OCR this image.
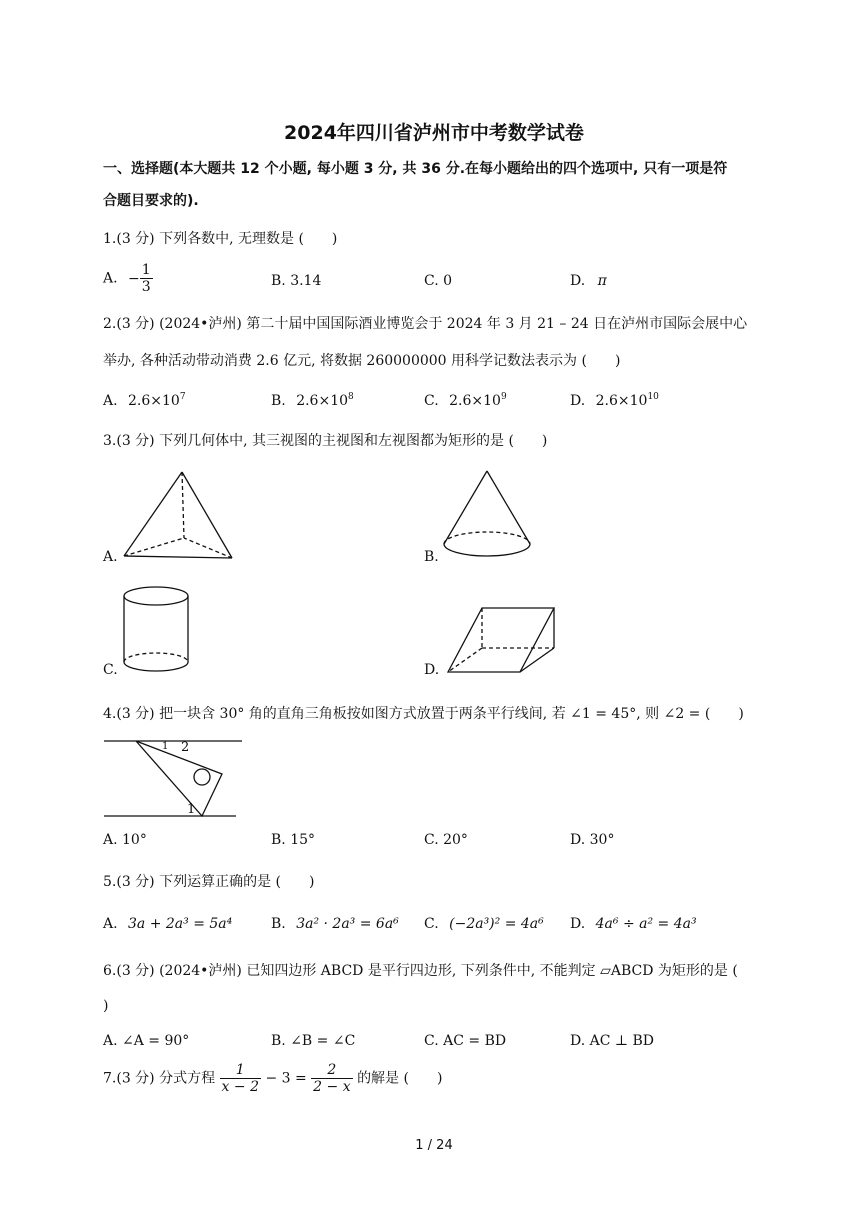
2024年四川省泸州市中考数学试卷
一、选择题(本大题共 12 个小题, 每小题 3 分, 共 36 分.在每小题给出的四个选项中, 只有一项是符
合题目要求的).
1.(3 分) 下列各数中, 无理数是 (　　)
A. − $\frac{1}{3}$	B. 3.14	C. 0	D. π
2.(3 分) (2024•泸州) 第二十届中国国际酒业博览会于 2024 年 3 月 21 – 24 日在泸州市国际会展中心
举办, 各种活动带动消费 2.6 亿元, 将数据 260000000 用科学记数法表示为 (　　)
A. $2.6\times 10^7$	B. $2.6\times 10^8$	C. $2.6\times 10^9$	D. $2.6\times 10^{10}$
3.(3 分) 下列几何体中, 其三视图的主视图和左视图都为矩形的是 (　　)
A.	B.
C.	D.
4.(3 分) 把一块含 30° 角的直角三角板按如图方式放置于两条平行线间, 若 ∠1 = 45°, 则 ∠2 = (　　)
1 2
1
A. 10°	B. 15°	C. 20°	D. 30°
5.(3 分) 下列运算正确的是 (　　)
A. 3a + 2a³ = 5a⁴	B. 3a² · 2a³ = 6a⁶ C. (−2a³)² = 4a⁶ D. 4a⁶ ÷ a² = 4a³
6.(3 分) (2024•泸州) 已知四边形 ABCD 是平行四边形, 下列条件中, 不能判定 ▱ABCD 为矩形的是 (　　
)
A. ∠A = 90°	B. ∠B = ∠C	C. AC = BD	D. AC ⊥ BD
7.(3 分) 分式方程 $\frac{1}{x - 2} - 3 = \frac{2}{2 - x}$ 的解是 (　　)
1 / 24
